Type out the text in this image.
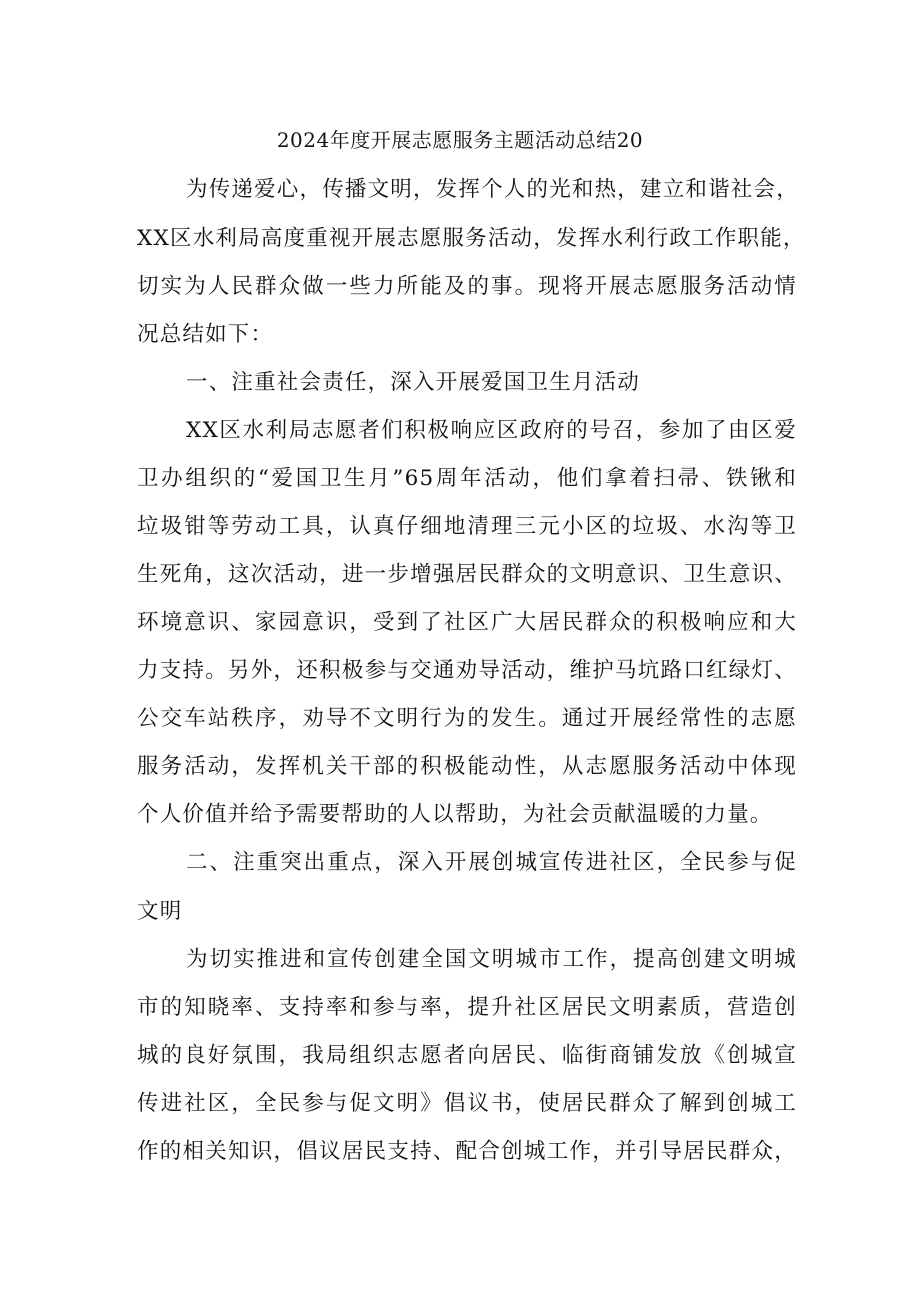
2024年度开展志愿服务主题活动总结20
为传递爱心，传播文明，发挥个人的光和热，建立和谐社会，
XX区水利局高度重视开展志愿服务活动，发挥水利行政工作职能，
切实为人民群众做一些力所能及的事。现将开展志愿服务活动情
况总结如下：
一、注重社会责任，深入开展爱国卫生月活动
XX区水利局志愿者们积极响应区政府的号召，参加了由区爱
卫办组织的“爱国卫生月”65周年活动，他们拿着扫帚、铁锹和
垃圾钳等劳动工具，认真仔细地清理三元小区的垃圾、水沟等卫
生死角，这次活动，进一步增强居民群众的文明意识、卫生意识、
环境意识、家园意识，受到了社区广大居民群众的积极响应和大
力支持。另外，还积极参与交通劝导活动，维护马坑路口红绿灯、
公交车站秩序，劝导不文明行为的发生。通过开展经常性的志愿
服务活动，发挥机关干部的积极能动性，从志愿服务活动中体现
个人价值并给予需要帮助的人以帮助，为社会贡献温暖的力量。
二、注重突出重点，深入开展创城宣传进社区，全民参与促
文明
为切实推进和宣传创建全国文明城市工作，提高创建文明城
市的知晓率、支持率和参与率，提升社区居民文明素质，营造创
城的良好氛围，我局组织志愿者向居民、临街商铺发放《创城宣
传进社区，全民参与促文明》倡议书，使居民群众了解到创城工
作的相关知识，倡议居民支持、配合创城工作，并引导居民群众，
